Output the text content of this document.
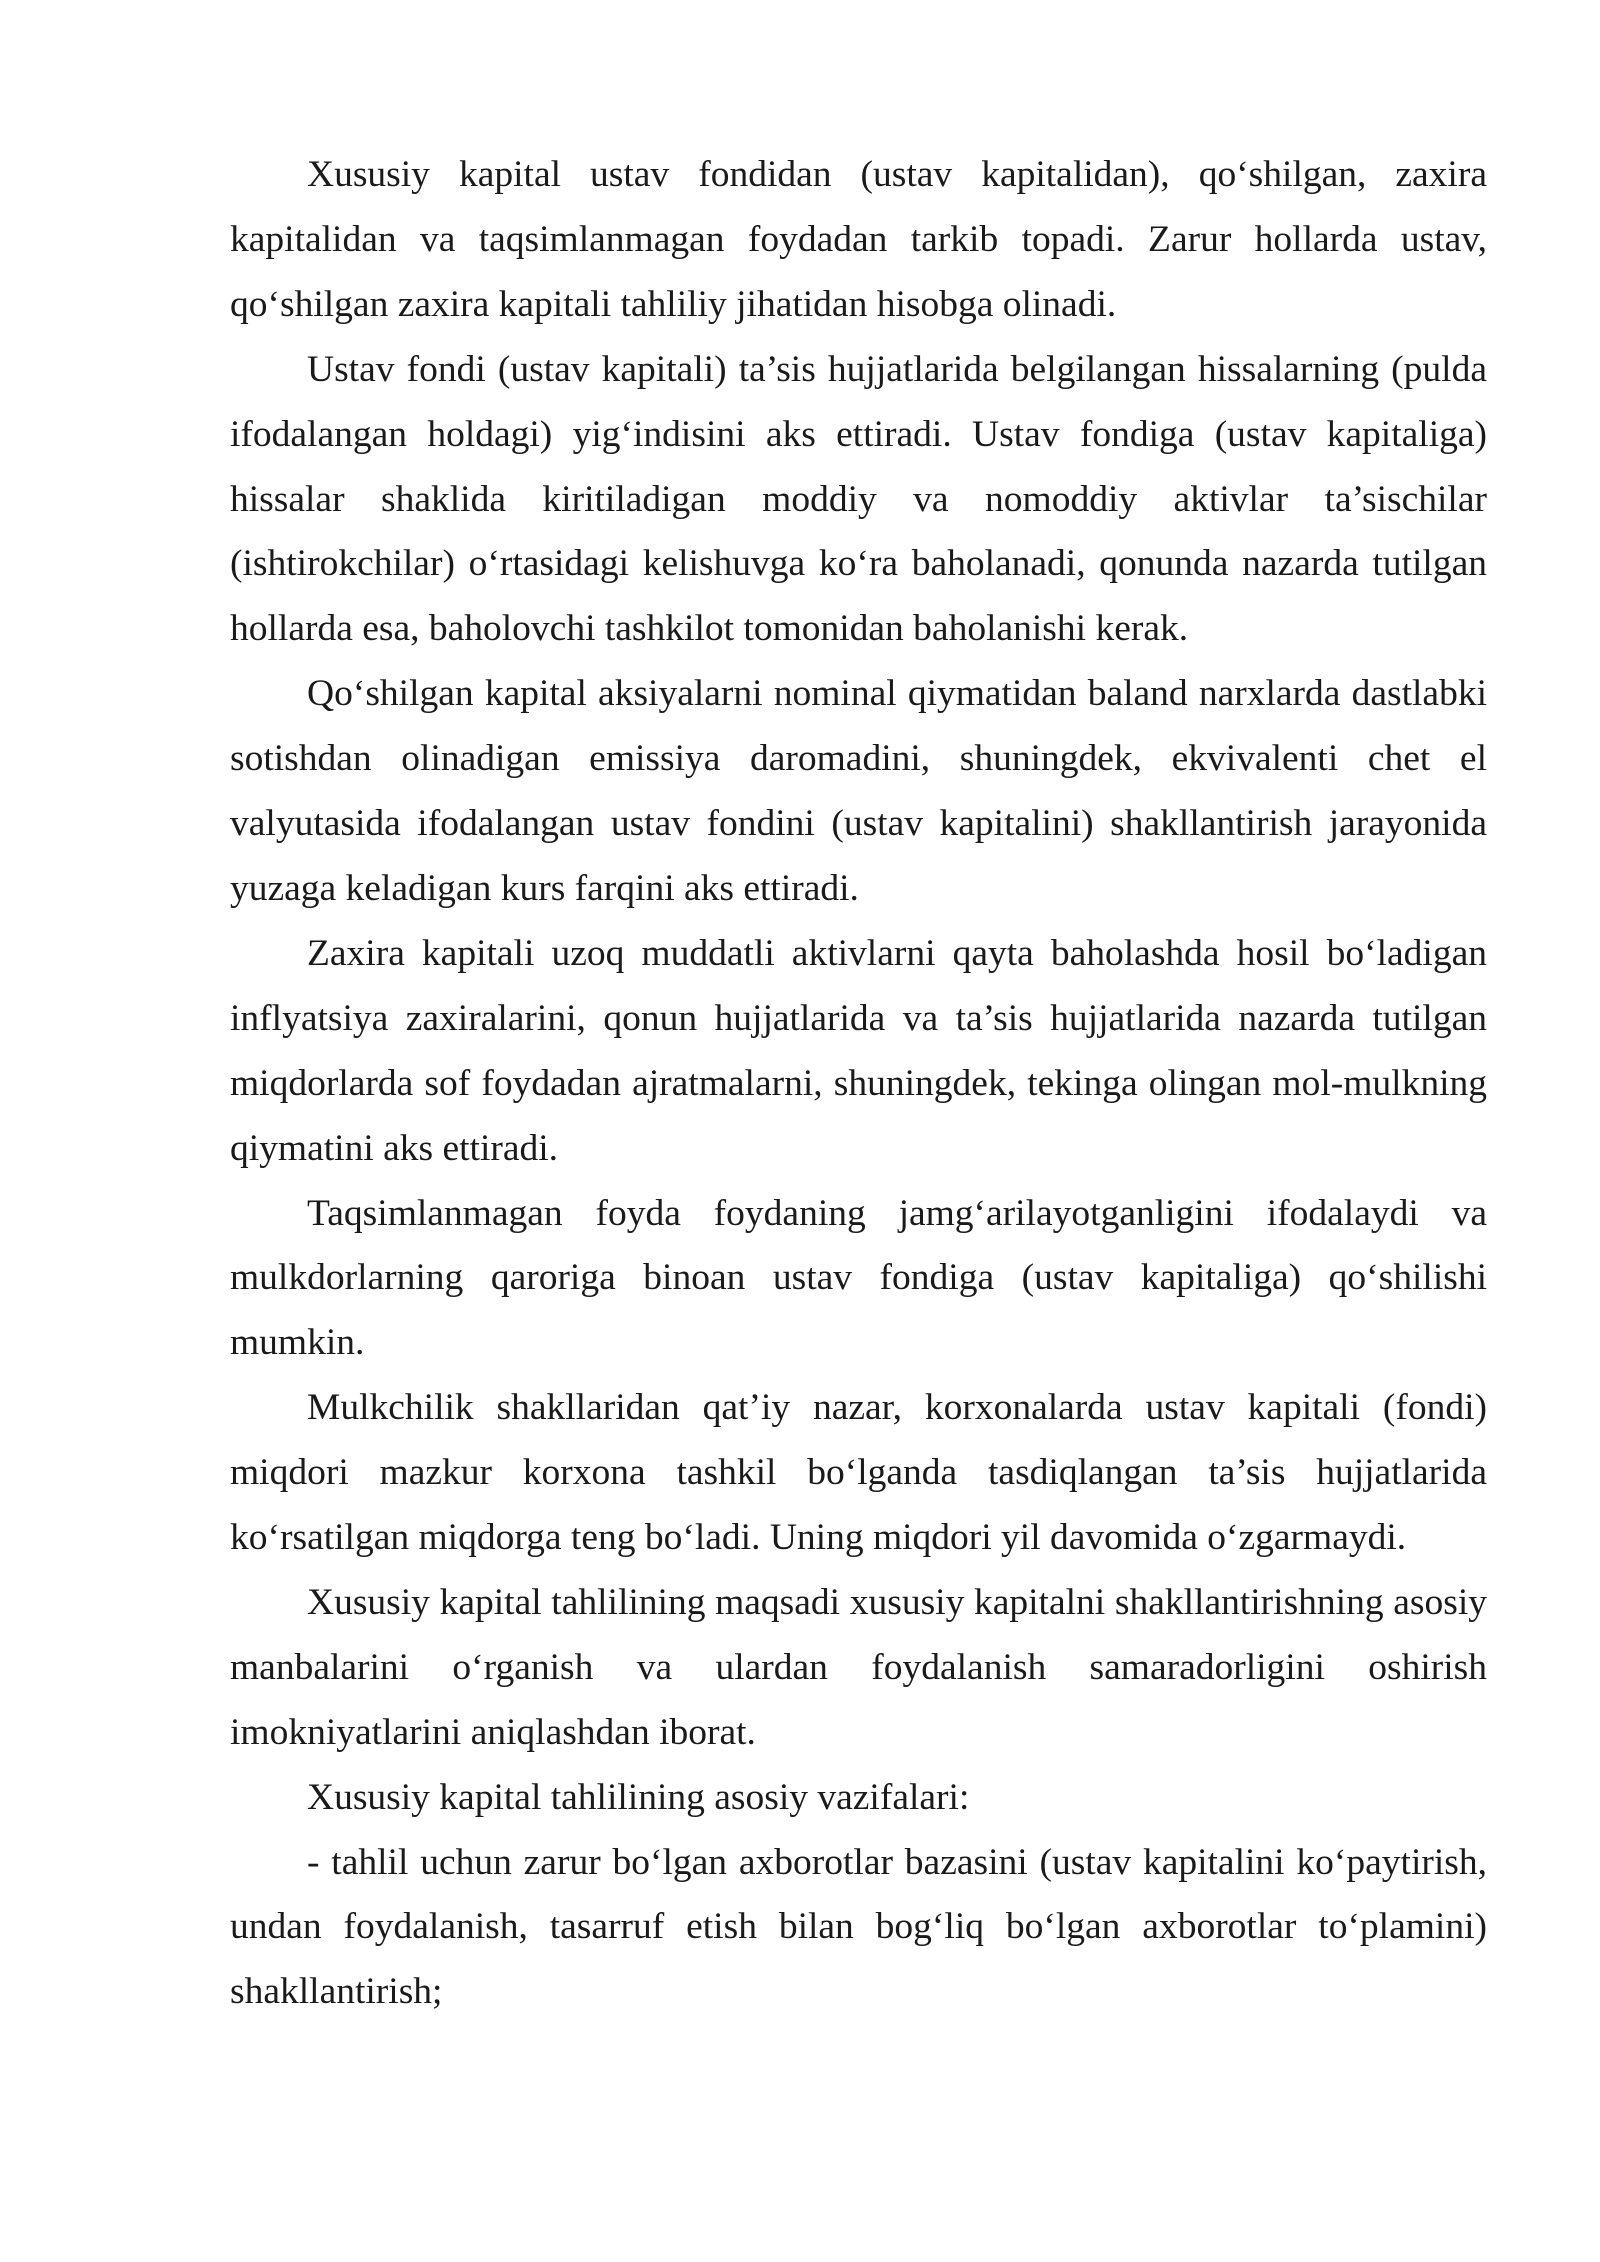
Xususiy kapital ustav fondidan (ustav kapitalidan), qo‘shilgan, zaxira kapitalidan va taqsimlanmagan foydadan tarkib topadi. Zarur hollarda ustav, qo‘shilgan zaxira kapitali tahliliy jihatidan hisobga olinadi.

Ustav fondi (ustav kapitali) ta’sis hujjatlarida belgilangan hissalarning (pulda ifodalangan holdagi) yig‘indisini aks ettiradi. Ustav fondiga (ustav kapitaliga) hissalar shaklida kiritiladigan moddiy va nomoddiy aktivlar ta’sischilar (ishtirokchilar) o‘rtasidagi kelishuvga ko‘ra baholanadi, qonunda nazarda tutilgan hollarda esa, baholovchi tashkilot tomonidan baholanishi kerak.

Qo‘shilgan kapital aksiyalarni nominal qiymatidan baland narxlarda dastlabki sotishdan olinadigan emissiya daromadini, shuningdek, ekvivalenti chet el valyutasida ifodalangan ustav fondini (ustav kapitalini) shakllantirish jarayonida yuzaga keladigan kurs farqini aks ettiradi.

Zaxira kapitali uzoq muddatli aktivlarni qayta baholashda hosil bo‘ladigan inflyatsiya zaxiralarini, qonun hujjatlarida va ta’sis hujjatlarida nazarda tutilgan miqdorlarda sof foydadan ajratmalarni, shuningdek, tekinga olingan mol-mulkning qiymatini aks ettiradi.

Taqsimlanmagan foyda foydaning jamg‘arilayotganligini ifodalaydi va mulkdorlarning qaroriga binoan ustav fondiga (ustav kapitaliga) qo‘shilishi mumkin.

Mulkchilik shakllaridan qat’iy nazar, korxonalarda ustav kapitali (fondi) miqdori mazkur korxona tashkil bo‘lganda tasdiqlangan ta’sis hujjatlarida ko‘rsatilgan miqdorga teng bo‘ladi. Uning miqdori yil davomida o‘zgarmaydi.

Xususiy kapital tahlilining maqsadi xususiy kapitalni shakllantirishning asosiy manbalarini o‘rganish va ulardan foydalanish samaradorligini oshirish imokniyatlarini aniqlashdan iborat.

Xususiy kapital tahlilining asosiy vazifalari:

- tahlil uchun zarur bo‘lgan axborotlar bazasini (ustav kapitalini ko‘paytirish, undan foydalanish, tasarruf etish bilan bog‘liq bo‘lgan axborotlar to‘plamini) shakllantirish;
